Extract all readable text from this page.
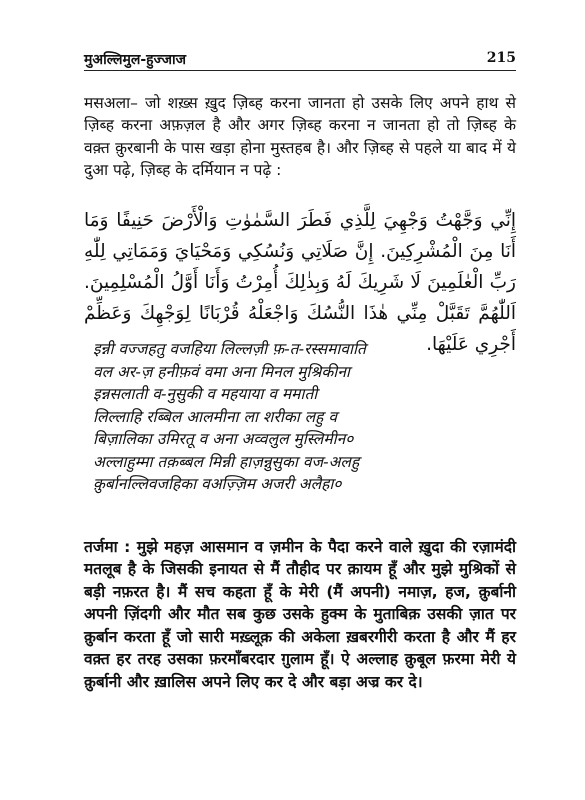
मुअल्लिमुल-हुज्जाज	215

मसअला– जो शख़्स ख़ुद ज़िब्ह करना जानता हो उसके लिए अपने हाथ से ज़िब्ह करना अफ़ज़ल है और अगर ज़िब्ह करना न जानता हो तो ज़िब्ह के वक़्त क़ुरबानी के पास खड़ा होना मुस्तहब है। और ज़िब्ह से पहले या बाद में ये दुआ पढ़े, ज़िब्ह के दर्मियान न पढ़े :

إِنِّي وَجَّهْتُ وَجْهِيَ لِلَّذِي فَطَرَ السَّمٰوٰتِ وَالْأَرْضَ حَنِيفًا وَمَا أَنَا مِنَ الْمُشْرِكِينَ. إِنَّ صَلَاتِي وَنُسُكِي وَمَحْيَايَ وَمَمَاتِي لِلّٰهِ رَبِّ الْعٰلَمِينَ لَا شَرِيكَ لَهُ وَبِذٰلِكَ أُمِرْتُ وَأَنَا أَوَّلُ الْمُسْلِمِينَ. اَللّٰهُمَّ تَقَبَّلْ مِنِّي هٰذَا النُّسُكَ وَاجْعَلْهُ قُرْبَانًا لِوَجْهِكَ وَعَظِّمْ أَجْرِي عَلَيْهَا.
इन्नी वज्जहतु वजहिया लिल्लज़ी फ़-त-रस्समावाति
वल अर-ज़ हनीफ़वं वमा अना मिनल मुश्रिकीना
इन्नसलाती व-नुसुकी व महयाया व ममाती
लिल्लाहि रब्बिल आलमीना ला शरीका लहु व
बिज़ालिका उमिरतू व अना अव्वलुल मुस्लिमीन०
अल्लाहुम्मा तक़ब्बल मिन्नी हाज़न्नुसुका वज-अलहु
क़ुर्बानल्लिवजहिका वअज़्ज़िम अजरी अलैहा०

तर्जमा : मुझे महज़ आसमान व ज़मीन के पैदा करने वाले ख़ुदा की रज़ामंदी मतलूब है के जिसकी इनायत से मैं तौहीद पर क़ायम हूँ और मुझे मुश्रिकों से बड़ी नफ़रत है। मैं सच कहता हूँ के मेरी (मैं अपनी) नमाज़, हज, क़ुर्बानी अपनी ज़िंदगी और मौत सब कुछ उसके हुक्म के मुताबिक़ उसकी ज़ात पर क़ुर्बान करता हूँ जो सारी मख़्लूक़ की अकेला ख़बरगीरी करता है और मैं हर वक़्त हर तरह उसका फ़रमाँबरदार ग़ुलाम हूँ। ऐ अल्लाह क़ुबूल फ़रमा मेरी ये क़ुर्बानी और ख़ालिस अपने लिए कर दे और बड़ा अज्र कर दे।
